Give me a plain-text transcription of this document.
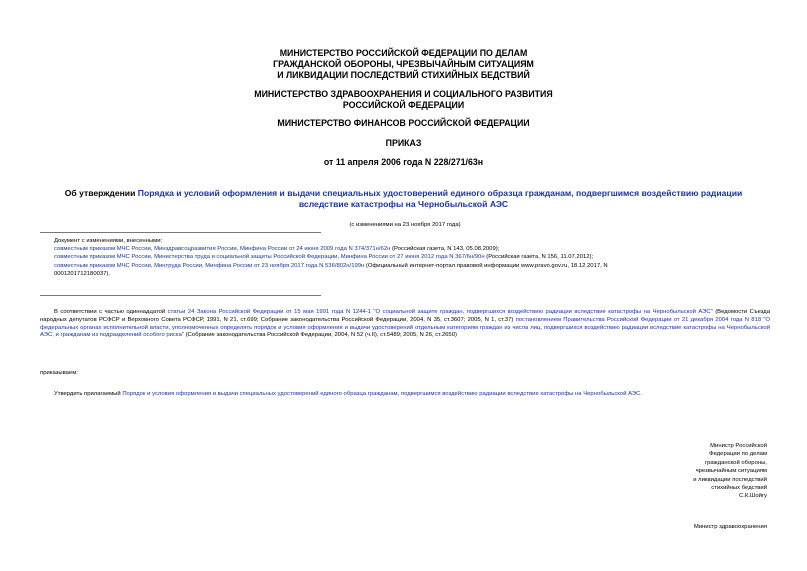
МИНИСТЕРСТВО РОССИЙСКОЙ ФЕДЕРАЦИИ ПО ДЕЛАМ
ГРАЖДАНСКОЙ ОБОРОНЫ, ЧРЕЗВЫЧАЙНЫМ СИТУАЦИЯМ
И ЛИКВИДАЦИИ ПОСЛЕДСТВИЙ СТИХИЙНЫХ БЕДСТВИЙ
МИНИСТЕРСТВО ЗДРАВООХРАНЕНИЯ И СОЦИАЛЬНОГО РАЗВИТИЯ
РОССИЙСКОЙ ФЕДЕРАЦИИ
МИНИСТЕРСТВО ФИНАНСОВ РОССИЙСКОЙ ФЕДЕРАЦИИ
ПРИКАЗ
от 11 апреля 2006 года N 228/271/63н
Об утверждении Порядка и условий оформления и выдачи специальных удостоверений единого образца гражданам, подвергшимся воздействию радиации вследствие катастрофы на Чернобыльской АЭС
(с изменениями на 23 ноября 2017 года)
Документ с изменениями, внесенными:
совместным приказом МЧС России, Минздравсоцразвития России, Минфина России от 24 июня 2009 года N 374/371н/62н (Российская газета, N 143, 05.08.2009);
совместным приказом МЧС России, Министерства труда и социальной защиты Российской Федерации, Минфина России от 27 июня 2012 года N 367/6н/90н (Российская газета, N 156, 11.07.2012);
совместным приказом МЧС России, Минтруда России, Минфина России от 23 ноября 2017 года N 536/802н/199н (Официальный интернет-портал правовой информации www.pravo.gov.ru, 18.12.2017, N
0001201712180037).

В соответствии с частью одиннадцатой статьи 24 Закона Российской Федерации от 15 мая 1991 года N 1244-1 "О социальной защите граждан, подвергшихся воздействию радиации вследствие катастрофы на Чернобыльской АЭС" (Ведомости Съезда народных депутатов РСФСР и Верховного Совета РСФСР, 1991, N 21, ст.699; Собрание законодательства Российской Федерации, 2004, N 35, ст.3607; 2005, N 1, ст.37) постановлением Правительства Российской Федерации от 21 декабря 2004 года N 818 "О федеральных органах исполнительной власти, уполномоченных определять порядок и условия оформления и выдачи удостоверений отдельным категориям граждан из числа лиц, подвергшихся воздействию радиации вследствие катастрофы на Чернобыльской АЭС, и гражданам из подразделений особого риска" (Собрание законодательства Российской Федерации, 2004, N 52 (ч.II), ст.5489; 2005, N 26, ст.2650)

приказываем:

Утвердить прилагаемый Порядок и условия оформления и выдачи специальных удостоверений единого образца гражданам, подвергшимся воздействию радиации вследствие катастрофы на Чернобыльской АЭС.

Министр Российской
Федерации по делам
гражданской обороны,
чрезвычайным ситуациям
и ликвидации последствий
стихийных бедствий
С.К.Шойгу
Министр здравоохранения
